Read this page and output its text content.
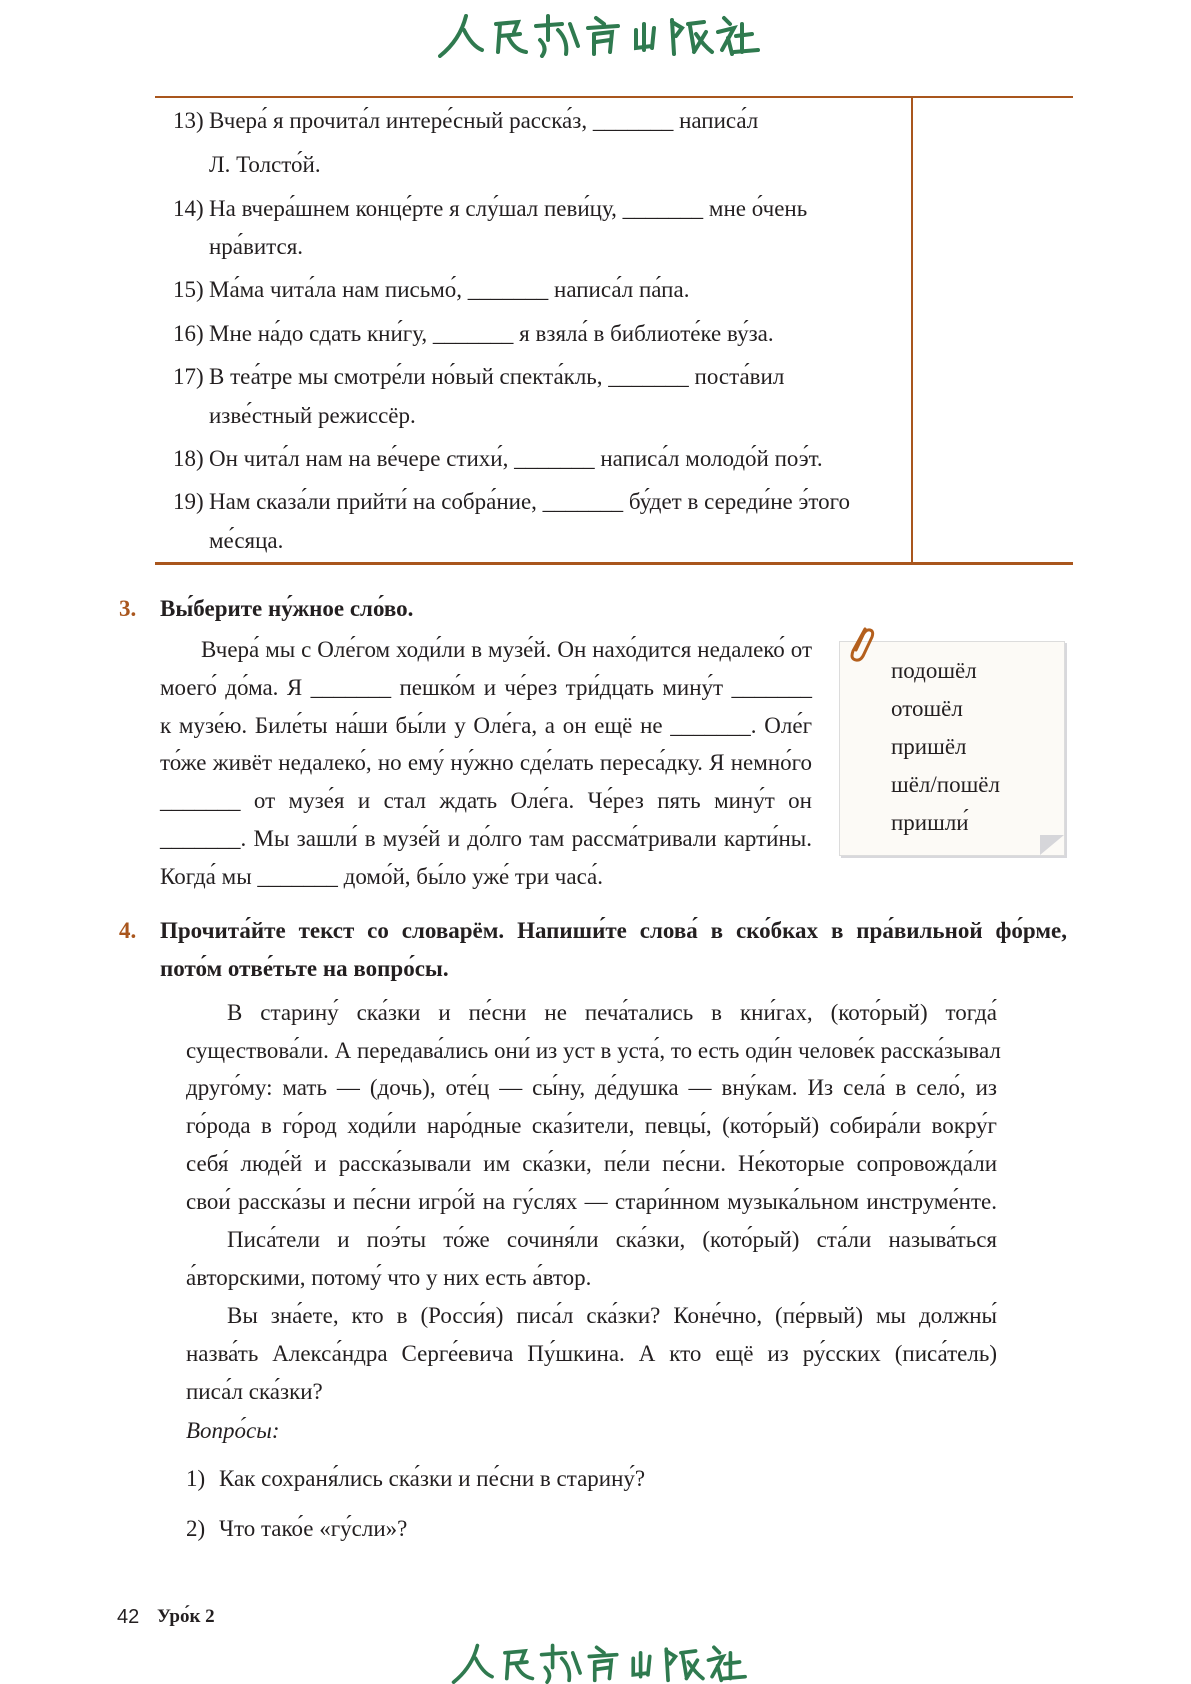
13) Вчера́ я прочита́л интере́сный расска́з, _______ написа́л
Л. Толсто́й.
14) На вчера́шнем конце́рте я слу́шал певи́цу, _______ мне о́чень
нра́вится.
15) Ма́ма чита́ла нам письмо́, _______ написа́л па́па.
16) Мне на́до сдать кни́гу, _______ я взяла́ в библиоте́ке ву́за.
17) В теа́тре мы смотре́ли но́вый спекта́кль, _______ поста́вил
изве́стный режиссёр.
18) Он чита́л нам на ве́чере стихи́, _______ написа́л молодо́й поэ́т.
19) Нам сказа́ли прийти́ на собра́ние, _______ бу́дет в середи́не э́того
ме́сяца.
3. Вы́берите ну́жное сло́во.
Вчера́ мы с Оле́гом ходи́ли в музе́й. Он нахо́дится недалеко́ от
моего́ до́ма. Я _______ пешко́м и че́рез три́дцать мину́т _______
к музе́ю. Биле́ты на́ши бы́ли у Оле́га, а он ещё не _______. Оле́г
то́же живёт недалеко́, но ему́ ну́жно сде́лать переса́дку. Я немно́го
_______ от музе́я и стал ждать Оле́га. Че́рез пять мину́т он
_______. Мы зашли́ в музе́й и до́лго там рассма́тривали карти́ны.
Когда́ мы _______ домо́й, бы́ло уже́ три часа́.
подошёл
отошёл
пришёл
шёл/пошёл
пришли́
4. Прочита́йте текст со словарём. Напиши́те слова́ в ско́бках в пра́вильной фо́рме,
пото́м отве́тьте на вопро́сы.
В старину́ ска́зки и пе́сни не печа́тались в кни́гах, (кото́рый) тогда́
существова́ли. А передава́лись они́ из уст в уста́, то есть оди́н челове́к расска́зывал
друго́му: мать — (дочь), оте́ц — сы́ну, де́душка — вну́кам. Из села́ в село́, из
го́рода в го́род ходи́ли наро́дные сказ́ители, певцы́, (кото́рый) собира́ли вокру́г
себя́ люде́й и расска́зывали им ска́зки, пе́ли пе́сни. Не́которые сопровожда́ли
свои́ расска́зы и пе́сни игро́й на гу́слях — стари́нном музыка́льном инструме́нте.
Писа́тели и поэ́ты то́же сочиня́ли ска́зки, (кото́рый) ста́ли называ́ться
а́вторскими, потому́ что у них есть а́втор.
Вы зна́ете, кто в (Росси́я) писа́л ска́зки? Коне́чно, (пе́рвый) мы должны́
назва́ть Алекса́ндра Серге́евича Пу́шкина. А кто ещё из ру́сских (писа́тель)
писа́л ска́зки?
Вопро́сы:
1) Как сохраня́лись ска́зки и пе́сни в старину́?
2) Что тако́е «гу́сли»?
42 Уро́к 2
